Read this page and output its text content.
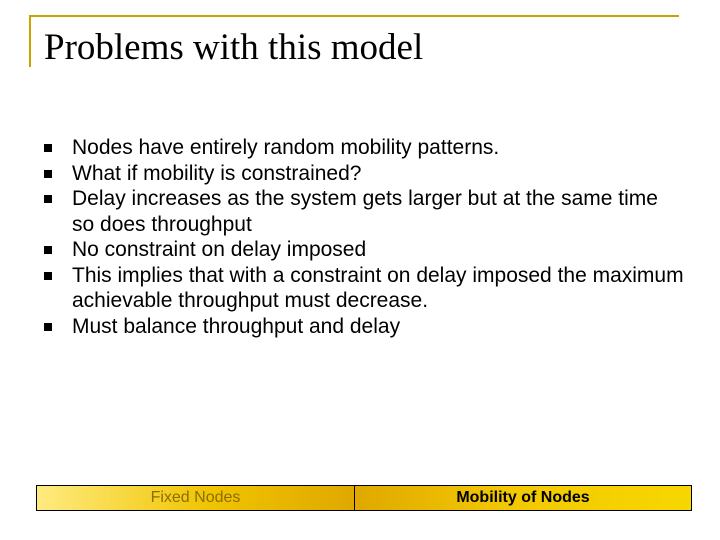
Problems with this model
Nodes have entirely random mobility patterns.
What if mobility is constrained?
Delay increases as the system gets larger but at the same time so does throughput
No constraint on delay imposed
This implies that with a constraint on delay imposed the maximum achievable throughput must decrease.
Must balance throughput and delay
Fixed Nodes	Mobility of Nodes
